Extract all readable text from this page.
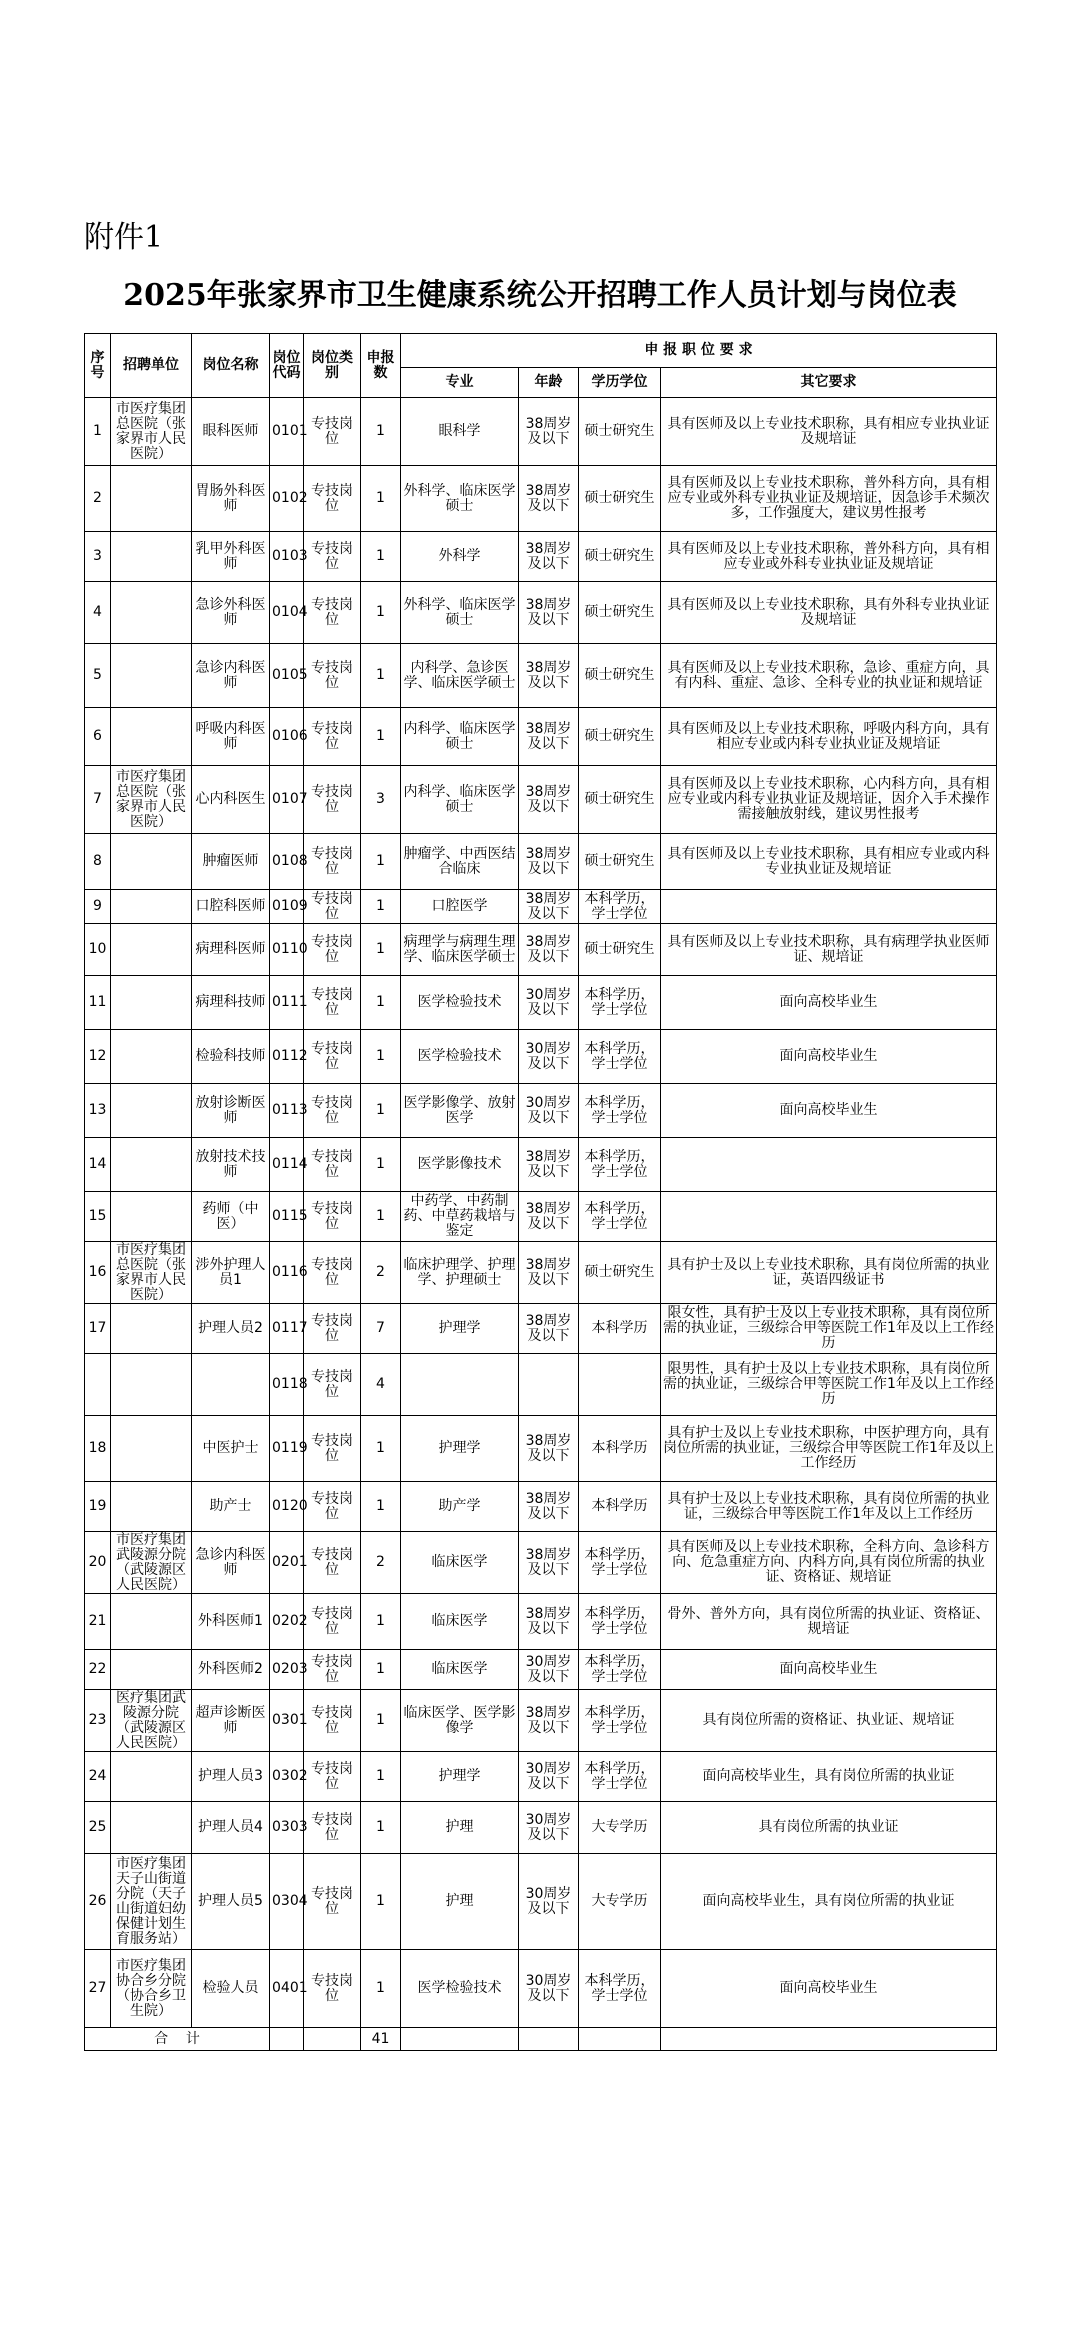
附件1
2025年张家界市卫生健康系统公开招聘工作人员计划与岗位表
序号	招聘单位	岗位名称	岗位代码	岗位类别	申报数	申 报 职 位 要 求			
						专业	年龄	学历学位	其它要求
1	市医疗集团总医院（张家界市人民医院）	眼科医师	0101	专技岗位	1	眼科学	38周岁及以下	硕士研究生	具有医师及以上专业技术职称，具有相应专业执业证及规培证
2		胃肠外科医师	0102	专技岗位	1	外科学、临床医学硕士	38周岁及以下	硕士研究生	具有医师及以上专业技术职称，普外科方向，具有相应专业或外科专业执业证及规培证，因急诊手术频次多，工作强度大，建议男性报考
3		乳甲外科医师	0103	专技岗位	1	外科学	38周岁及以下	硕士研究生	具有医师及以上专业技术职称，普外科方向，具有相应专业或外科专业执业证及规培证
4		急诊外科医师	0104	专技岗位	1	外科学、临床医学硕士	38周岁及以下	硕士研究生	具有医师及以上专业技术职称，具有外科专业执业证及规培证
5		急诊内科医师	0105	专技岗位	1	内科学、急诊医学、临床医学硕士	38周岁及以下	硕士研究生	具有医师及以上专业技术职称，急诊、重症方向，具有内科、重症、急诊、全科专业的执业证和规培证
6		呼吸内科医师	0106	专技岗位	1	内科学、临床医学硕士	38周岁及以下	硕士研究生	具有医师及以上专业技术职称，呼吸内科方向，具有相应专业或内科专业执业证及规培证
7	市医疗集团总医院（张家界市人民医院）	心内科医生	0107	专技岗位	3	内科学、临床医学硕士	38周岁及以下	硕士研究生	具有医师及以上专业技术职称，心内科方向，具有相应专业或内科专业执业证及规培证，因介入手术操作需接触放射线，建议男性报考
8		肿瘤医师	0108	专技岗位	1	肿瘤学、中西医结合临床	38周岁及以下	硕士研究生	具有医师及以上专业技术职称，具有相应专业或内科专业执业证及规培证
9		口腔科医师	0109	专技岗位	1	口腔医学	38周岁及以下	本科学历，学士学位	
10		病理科医师	0110	专技岗位	1	病理学与病理生理学、临床医学硕士	38周岁及以下	硕士研究生	具有医师及以上专业技术职称，具有病理学执业医师证、规培证
11		病理科技师	0111	专技岗位	1	医学检验技术	30周岁及以下	本科学历，学士学位	面向高校毕业生
12		检验科技师	0112	专技岗位	1	医学检验技术	30周岁及以下	本科学历，学士学位	面向高校毕业生
13		放射诊断医师	0113	专技岗位	1	医学影像学、放射医学	30周岁及以下	本科学历，学士学位	面向高校毕业生
14		放射技术技师	0114	专技岗位	1	医学影像技术	38周岁及以下	本科学历，学士学位	
15		药师（中医）	0115	专技岗位	1	中药学、中药制药、中草药栽培与鉴定	38周岁及以下	本科学历，学士学位	
16	市医疗集团总医院（张家界市人民医院）	涉外护理人员1	0116	专技岗位	2	临床护理学、护理学、护理硕士	38周岁及以下	硕士研究生	具有护士及以上专业技术职称，具有岗位所需的执业证，英语四级证书
17		护理人员2	0117	专技岗位	7	护理学	38周岁及以下	本科学历	限女性，具有护士及以上专业技术职称，具有岗位所需的执业证，三级综合甲等医院工作1年及以上工作经历
			0118	专技岗位	4				限男性，具有护士及以上专业技术职称，具有岗位所需的执业证，三级综合甲等医院工作1年及以上工作经历
18		中医护士	0119	专技岗位	1	护理学	38周岁及以下	本科学历	具有护士及以上专业技术职称，中医护理方向，具有岗位所需的执业证，三级综合甲等医院工作1年及以上工作经历
19		助产士	0120	专技岗位	1	助产学	38周岁及以下	本科学历	具有护士及以上专业技术职称，具有岗位所需的执业证，三级综合甲等医院工作1年及以上工作经历
20	市医疗集团武陵源分院（武陵源区人民医院）	急诊内科医师	0201	专技岗位	2	临床医学	38周岁及以下	本科学历，学士学位	具有医师及以上专业技术职称，全科方向、急诊科方向、危急重症方向、内科方向,具有岗位所需的执业证、资格证、规培证
21		外科医师1	0202	专技岗位	1	临床医学	38周岁及以下	本科学历，学士学位	骨外、普外方向，具有岗位所需的执业证、资格证、规培证
22		外科医师2	0203	专技岗位	1	临床医学	30周岁及以下	本科学历，学士学位	面向高校毕业生
23	医疗集团武陵源分院（武陵源区人民医院）	超声诊断医师	0301	专技岗位	1	临床医学、医学影像学	38周岁及以下	本科学历，学士学位	具有岗位所需的资格证、执业证、规培证
24		护理人员3	0302	专技岗位	1	护理学	30周岁及以下	本科学历，学士学位	面向高校毕业生，具有岗位所需的执业证
25		护理人员4	0303	专技岗位	1	护理	30周岁及以下	大专学历	具有岗位所需的执业证
26	市医疗集团天子山街道分院（天子山街道妇幼保健计划生育服务站）	护理人员5	0304	专技岗位	1	护理	30周岁及以下	大专学历	面向高校毕业生，具有岗位所需的执业证
27	市医疗集团协合乡分院（协合乡卫生院）	检验人员	0401	专技岗位	1	医学检验技术	30周岁及以下	本科学历，学士学位	面向高校毕业生
合    计					41				
